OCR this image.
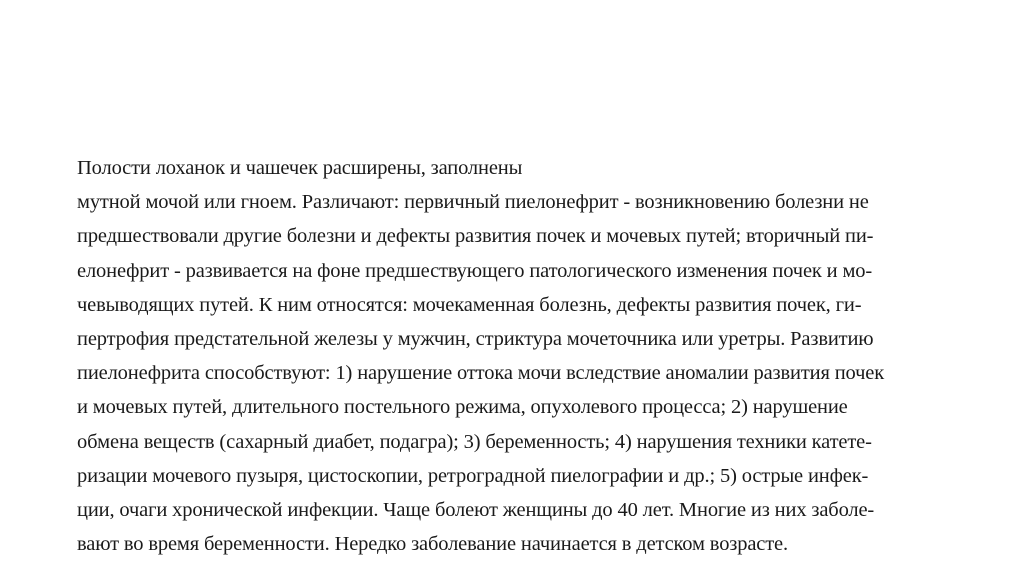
Полости лоханок и чашечек расширены, заполнены
мутной мочой или гноем. Различают: первичный пиелонефрит - возникновению болезни не
предшествовали другие болезни и дефекты развития почек и мочевых путей; вторичный пи-
елонефрит - развивается на фоне предшествующего патологического изменения почек и мо-
чевыводящих путей. К ним относятся: мочекаменная болезнь, дефекты развития почек, ги-
пертрофия предстательной железы у мужчин, стриктура мочеточника или уретры. Развитию
пиелонефрита способствуют: 1) нарушение оттока мочи вследствие аномалии развития почек
и мочевых путей, длительного постельного режима, опухолевого процесса; 2) нарушение
обмена веществ (сахарный диабет, подагра); 3) беременность; 4) нарушения техники катете-
ризации мочевого пузыря, цистоскопии, ретроградной пиелографии и др.; 5) острые инфек-
ции, очаги хронической инфекции. Чаще болеют женщины до 40 лет. Многие из них заболе-
вают во время беременности. Нередко заболевание начинается в детском возрасте.
